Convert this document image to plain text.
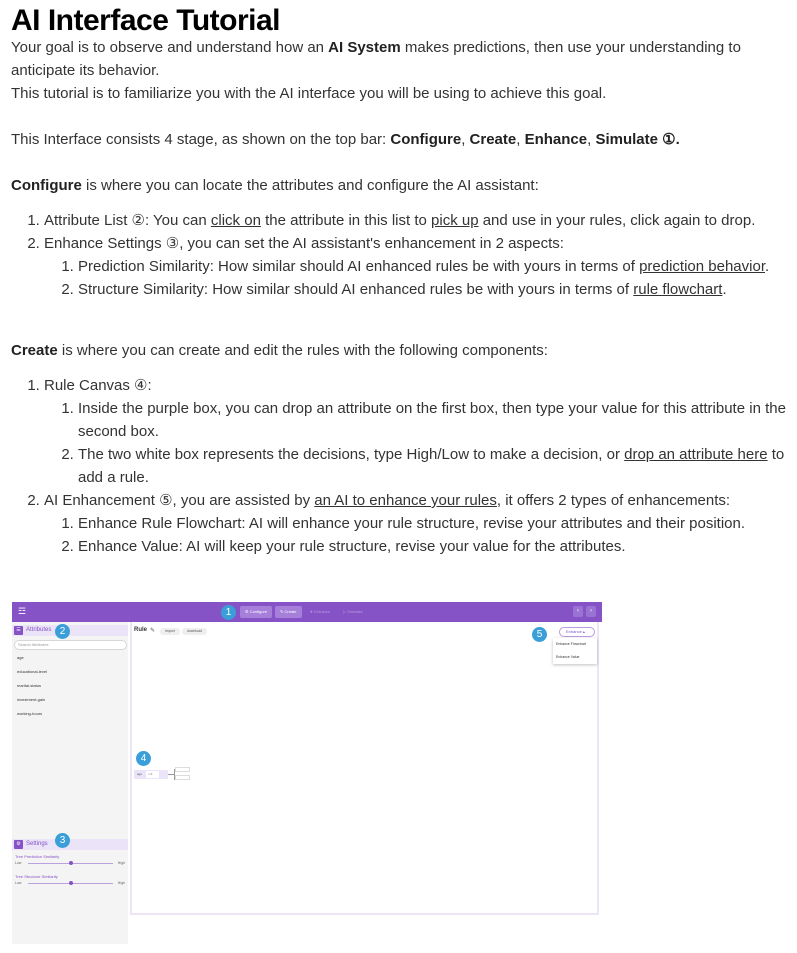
AI Interface Tutorial

Your goal is to observe and understand how an AI System makes predictions, then use your understanding to anticipate its behavior.
This tutorial is to familiarize you with the AI interface you will be using to achieve this goal.

This Interface consists 4 stage, as shown on the top bar: Configure, Create, Enhance, Simulate ①.

Configure is where you can locate the attributes and configure the AI assistant:

1. Attribute List ②: You can click on the attribute in this list to pick up and use in your rules, click again to drop.
2. Enhance Settings ③, you can set the AI assistant's enhancement in 2 aspects:
1. Prediction Similarity: How similar should AI enhanced rules be with yours in terms of prediction behavior.
2. Structure Similarity: How similar should AI enhanced rules be with yours in terms of rule flowchart.

Create is where you can create and edit the rules with the following components:

1. Rule Canvas ④:
1. Inside the purple box, you can drop an attribute on the first box, then type your value for this attribute in the second box.
2. The two white box represents the decisions, type High/Low to make a decision, or drop an attribute here to add a rule.
2. AI Enhancement ⑤, you are assisted by an AI to enhance your rules, it offers 2 types of enhancements:
1. Enhance Rule Flowchart: AI will enhance your rule structure, revise your attributes and their position.
2. Enhance Value: AI will keep your rule structure, revise your value for the attributes.
☲	⚙ Configure	✎ Create	★ Enhance	▷ Simulate	‹	›
☰ Attributes
Search Attributes
age
educational-level
marital-status
investment-gain
working-hours
⚙ Settings
Tree Prediction Similarity
Low	High
Tree Structure Similarity
Low	High
Rule ✎	import	download	Enhance ▴
Enhance Flowchart
Enhance Value
age	> 0
1
2
3
4
5
